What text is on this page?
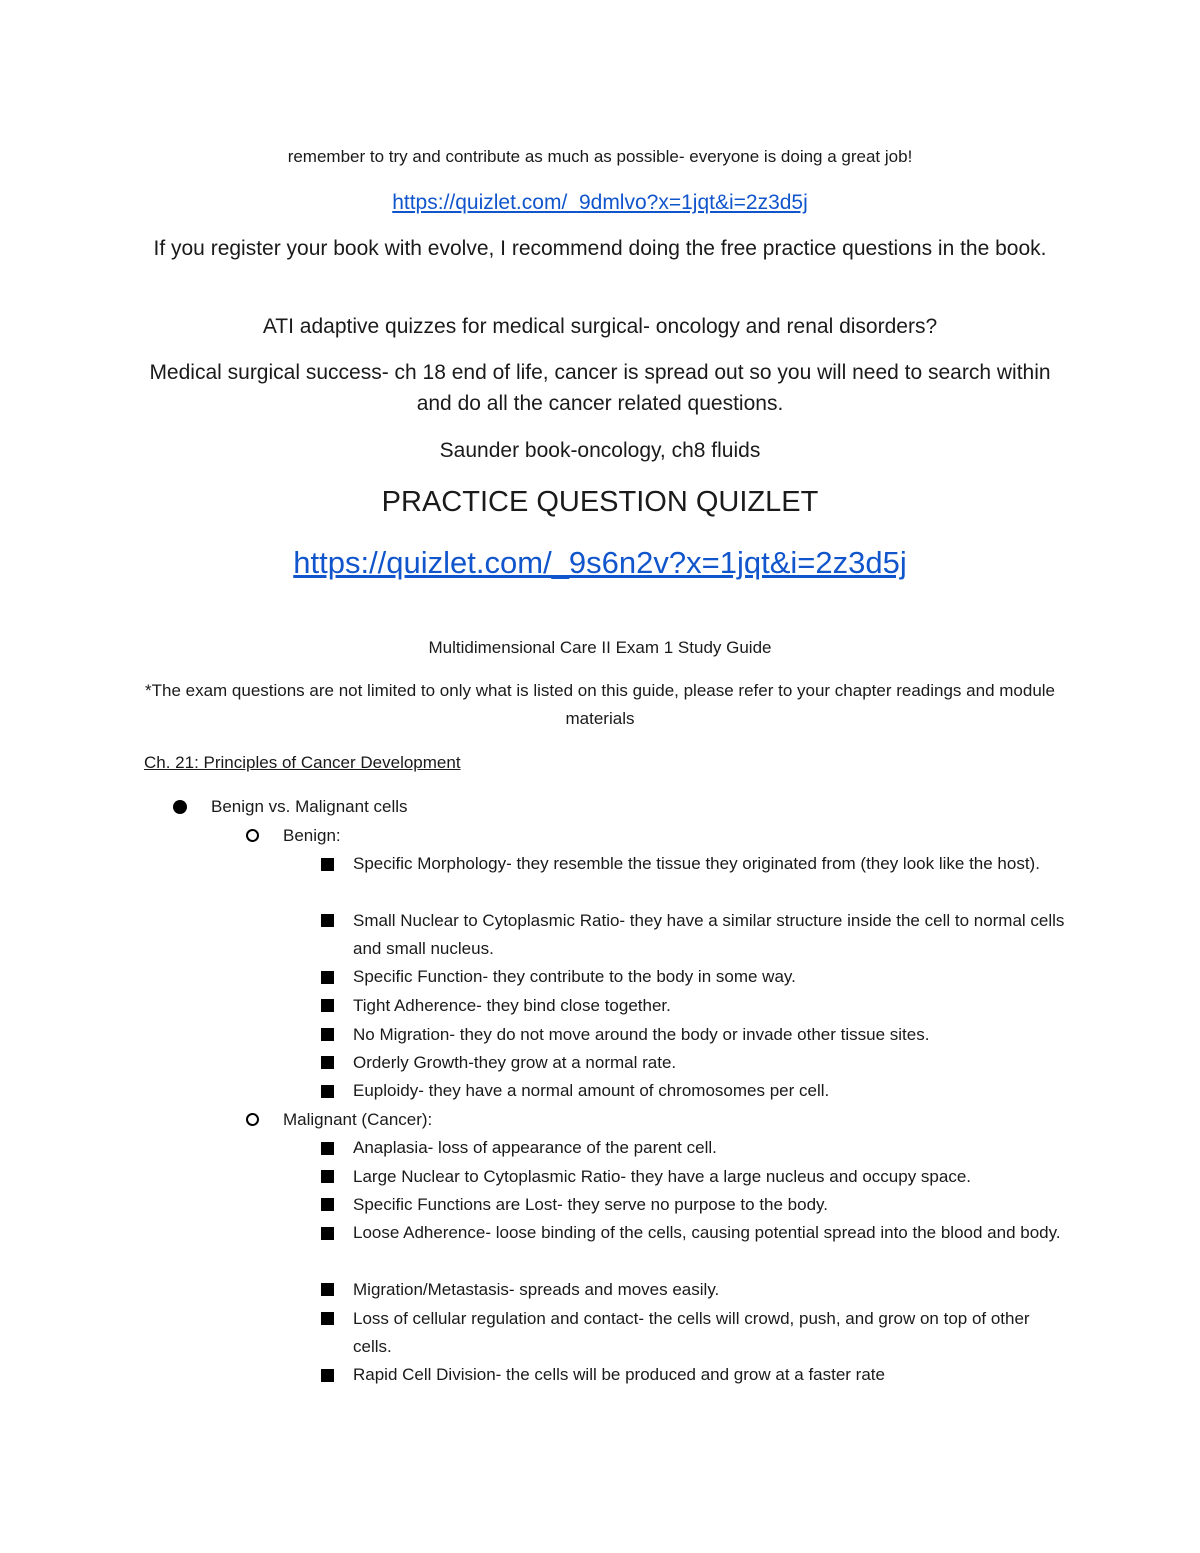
remember to try and contribute as much as possible- everyone is doing a great job!
https://quizlet.com/_9dmlvo?x=1jqt&i=2z3d5j
If you register your book with evolve, I recommend doing the free practice questions in the book.
ATI adaptive quizzes for medical surgical- oncology and renal disorders?
Medical surgical success- ch 18 end of life, cancer is spread out so you will need to search within and do all the cancer related questions.
Saunder book-oncology, ch8 fluids
PRACTICE QUESTION QUIZLET
https://quizlet.com/_9s6n2v?x=1jqt&i=2z3d5j
Multidimensional Care II Exam 1 Study Guide
*The exam questions are not limited to only what is listed on this guide, please refer to your chapter readings and module materials
Ch. 21: Principles of Cancer Development
Benign vs. Malignant cells
Benign:
Specific Morphology- they resemble the tissue they originated from (they look like the host).
Small Nuclear to Cytoplasmic Ratio- they have a similar structure inside the cell to normal cells and small nucleus.
Specific Function- they contribute to the body in some way.
Tight Adherence- they bind close together.
No Migration- they do not move around the body or invade other tissue sites.
Orderly Growth-they grow at a normal rate.
Euploidy- they have a normal amount of chromosomes per cell.
Malignant (Cancer):
Anaplasia- loss of appearance of the parent cell.
Large Nuclear to Cytoplasmic Ratio- they have a large nucleus and occupy space.
Specific Functions are Lost- they serve no purpose to the body.
Loose Adherence- loose binding of the cells, causing potential spread into the blood and body.
Migration/Metastasis- spreads and moves easily.
Loss of cellular regulation and contact- the cells will crowd, push, and grow on top of other cells.
Rapid Cell Division- the cells will be produced and grow at a faster rate
